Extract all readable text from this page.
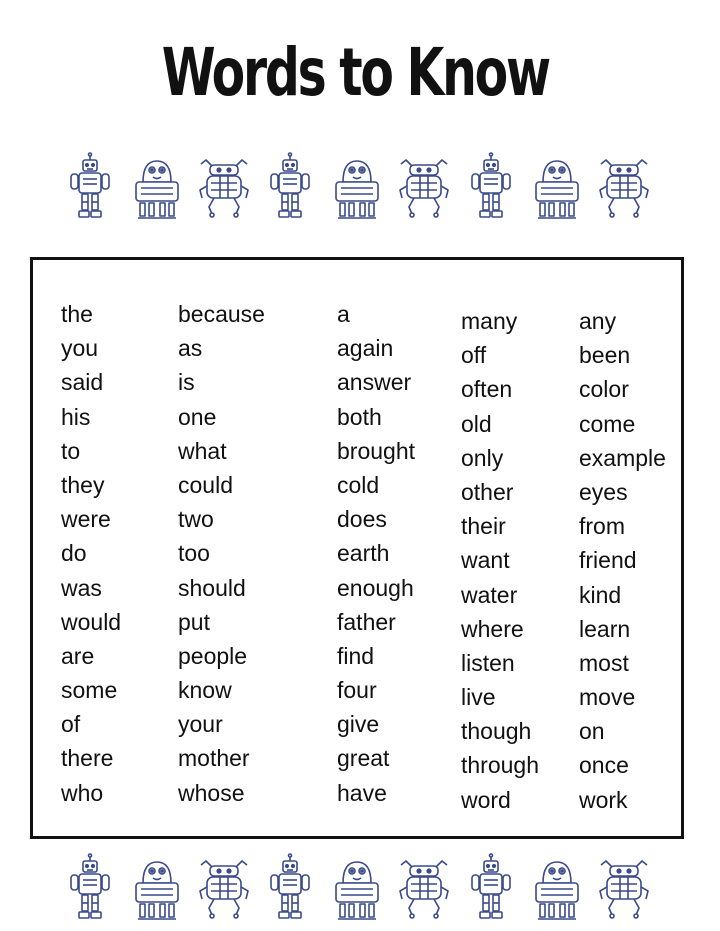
Words to Know
the
you
said
his
to
they
were
do
was
would
are
some
of
there
who
because
as
is
one
what
could
two
too
should
put
people
know
your
mother
whose
a
again
answer
both
brought
cold
does
earth
enough
father
find
four
give
great
have
many
off
often
old
only
other
their
want
water
where
listen
live
though
through
word
any
been
color
come
example
eyes
from
friend
kind
learn
most
move
on
once
work
